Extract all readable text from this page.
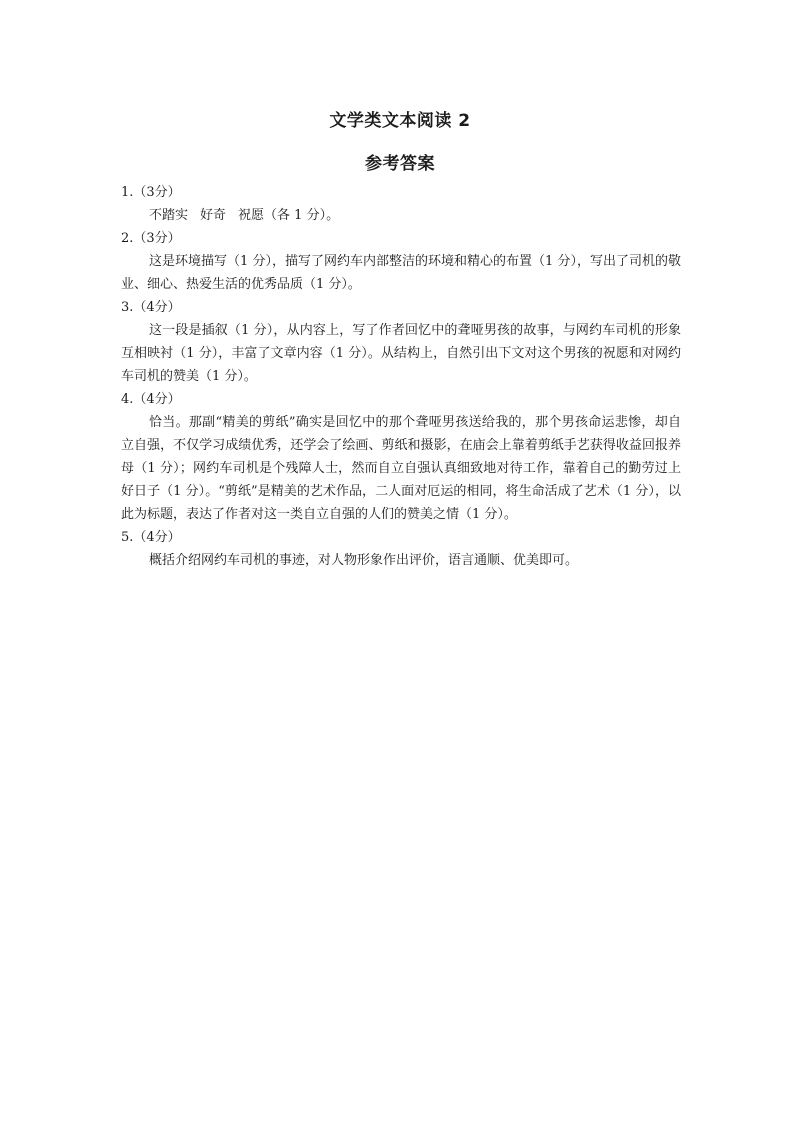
文学类文本阅读 2
参考答案

1.（3分）

不踏实 好奇 祝愿（各 1 分）。

2.（3分）

这是环境描写（1 分），描写了网约车内部整洁的环境和精心的布置（1 分），写出了司机的敬业、细心、热爱生活的优秀品质（1 分）。

3.（4分）

这一段是插叙（1 分），从内容上，写了作者回忆中的聋哑男孩的故事，与网约车司机的形象互相映衬（1 分），丰富了文章内容（1 分）。从结构上，自然引出下文对这个男孩的祝愿和对网约车司机的赞美（1 分）。

4.（4分）

恰当。那副“精美的剪纸”确实是回忆中的那个聋哑男孩送给我的，那个男孩命运悲惨，却自立自强，不仅学习成绩优秀，还学会了绘画、剪纸和摄影，在庙会上靠着剪纸手艺获得收益回报养母（1 分）；网约车司机是个残障人士，然而自立自强认真细致地对待工作，靠着自己的勤劳过上好日子（1 分）。“剪纸”是精美的艺术作品，二人面对厄运的相同，将生命活成了艺术（1 分），以此为标题，表达了作者对这一类自立自强的人们的赞美之情（1 分）。

5.（4分）

概括介绍网约车司机的事迹，对人物形象作出评价，语言通顺、优美即可。
